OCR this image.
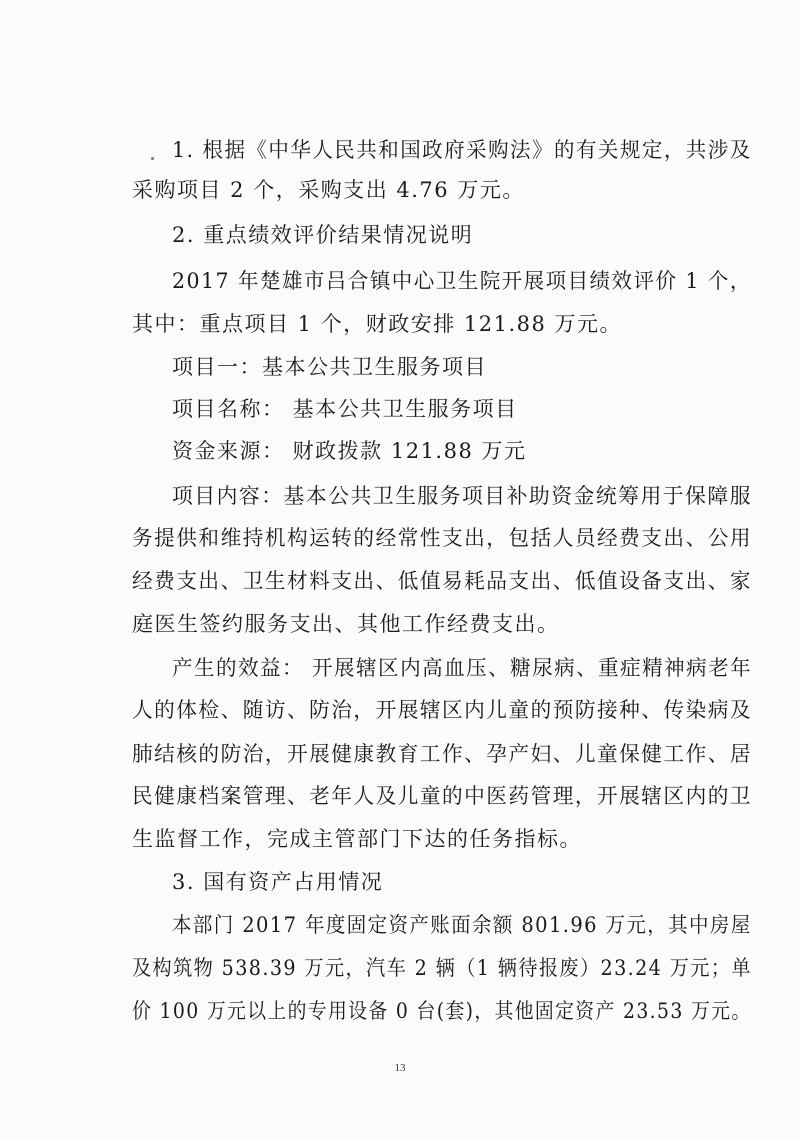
1. 根据《中华人民共和国政府采购法》的有关规定，共涉及
采购项目 2 个，采购支出 4.76 万元。
2. 重点绩效评价结果情况说明
2017 年楚雄市吕合镇中心卫生院开展项目绩效评价 1 个，
其中：重点项目 1 个，财政安排 121.88 万元。
项目一：基本公共卫生服务项目
项目名称： 基本公共卫生服务项目
资金来源： 财政拨款 121.88 万元
项目内容：基本公共卫生服务项目补助资金统筹用于保障服
务提供和维持机构运转的经常性支出，包括人员经费支出、公用
经费支出、卫生材料支出、低值易耗品支出、低值设备支出、家
庭医生签约服务支出、其他工作经费支出。
产生的效益： 开展辖区内高血压、糖尿病、重症精神病老年
人的体检、随访、防治，开展辖区内儿童的预防接种、传染病及
肺结核的防治，开展健康教育工作、孕产妇、儿童保健工作、居
民健康档案管理、老年人及儿童的中医药管理，开展辖区内的卫
生监督工作，完成主管部门下达的任务指标。
3. 国有资产占用情况
本部门 2017 年度固定资产账面余额 801.96 万元，其中房屋
及构筑物 538.39 万元，汽车 2 辆（1 辆待报废）23.24 万元；单
价 100 万元以上的专用设备 0 台(套)，其他固定资产 23.53 万元。
13
